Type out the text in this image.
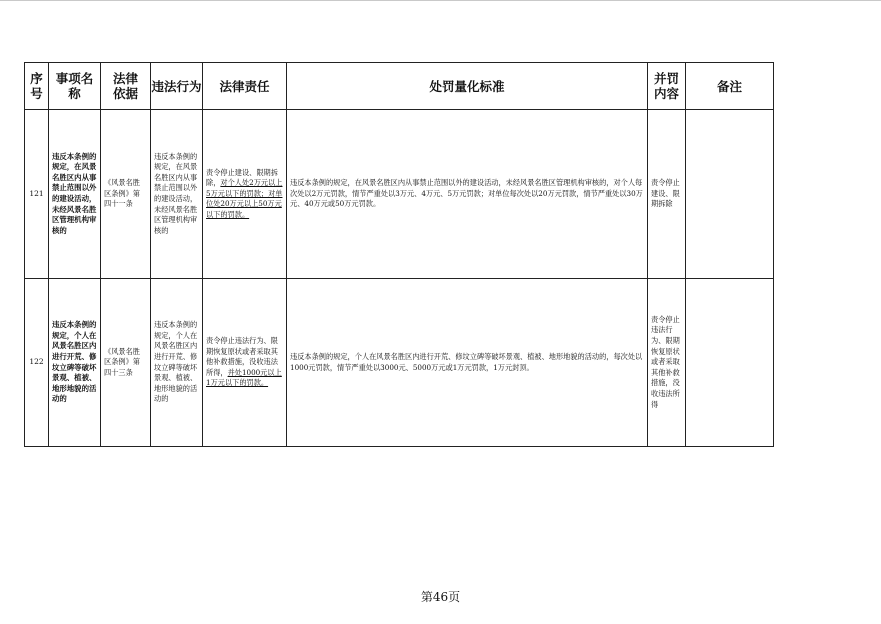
序号	事项名称	法律依据	违法行为	法律责任	处罚量化标准	并罚内容	备注
121	违反本条例的规定，在风景名胜区内从事禁止范围以外的建设活动，未经风景名胜区管理机构审核的	《风景名胜区条例》第四十一条	违反本条例的规定，在风景名胜区内从事禁止范围以外的建设活动，未经风景名胜区管理机构审核的	责令停止建设、限期拆除，对个人处2万元以上5万元以下的罚款；对单位处20万元以上50万元以下的罚款。	违反本条例的规定，在风景名胜区内从事禁止范围以外的建设活动，未经风景名胜区管理机构审核的，对个人每次处以2万元罚款，情节严重处以3万元、4万元、5万元罚款；对单位每次处以20万元罚款，情节严重处以30万元、40万元或50万元罚款。	责令停止建设、限期拆除	
122	违反本条例的规定，个人在风景名胜区内进行开荒、修坟立碑等破坏景观、植被、地形地貌的活动的	《风景名胜区条例》第四十三条	违反本条例的规定，个人在风景名胜区内进行开荒、修坟立碑等破坏景观、植被、地形地貌的活动的	责令停止违法行为、限期恢复原状或者采取其他补救措施，没收违法所得，并处1000元以上1万元以下的罚款。	违反本条例的规定，个人在风景名胜区内进行开荒、修坟立碑等破坏景观、植被、地形地貌的活动的，每次处以1000元罚款，情节严重处以3000元、5000万元或1万元罚款，1万元封顶。	责令停止违法行为、限期恢复原状或者采取其他补救措施，没收违法所得	
第46页
